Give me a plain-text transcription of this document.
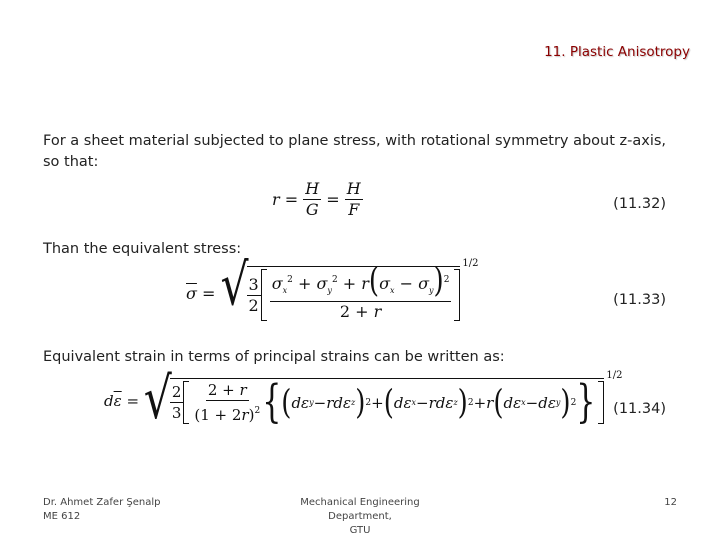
11. Plastic Anisotropy
For a sheet material subjected to plane stress, with rotational symmetry about z-axis, so that:
$r = \frac{H}{G} = \frac{H}{F}$	(11.32)
Than the equivalent stress:
$\overline{\sigma}$ = √
$\frac{3}{2} \frac{\sigma_x^2 + \sigma_y^2 + r(\sigma_x - \sigma_y)^2}{2 + r}$
1/2
(11.33)
Equivalent strain in terms of principal strains can be written as:
d $\overline{\varepsilon}$ = √
$\frac{2}{3} \frac{2 + r}{(1 + 2r)^2}$ { ( dε y − rdε z ) 2 + ( dε x − rdε z ) 2 + r ( dε x − dε y ) 2 } 1/2
(11.34)
Dr. Ahmet Zafer Şenalp
ME 612
Mechanical Engineering Department,
GTU
12
